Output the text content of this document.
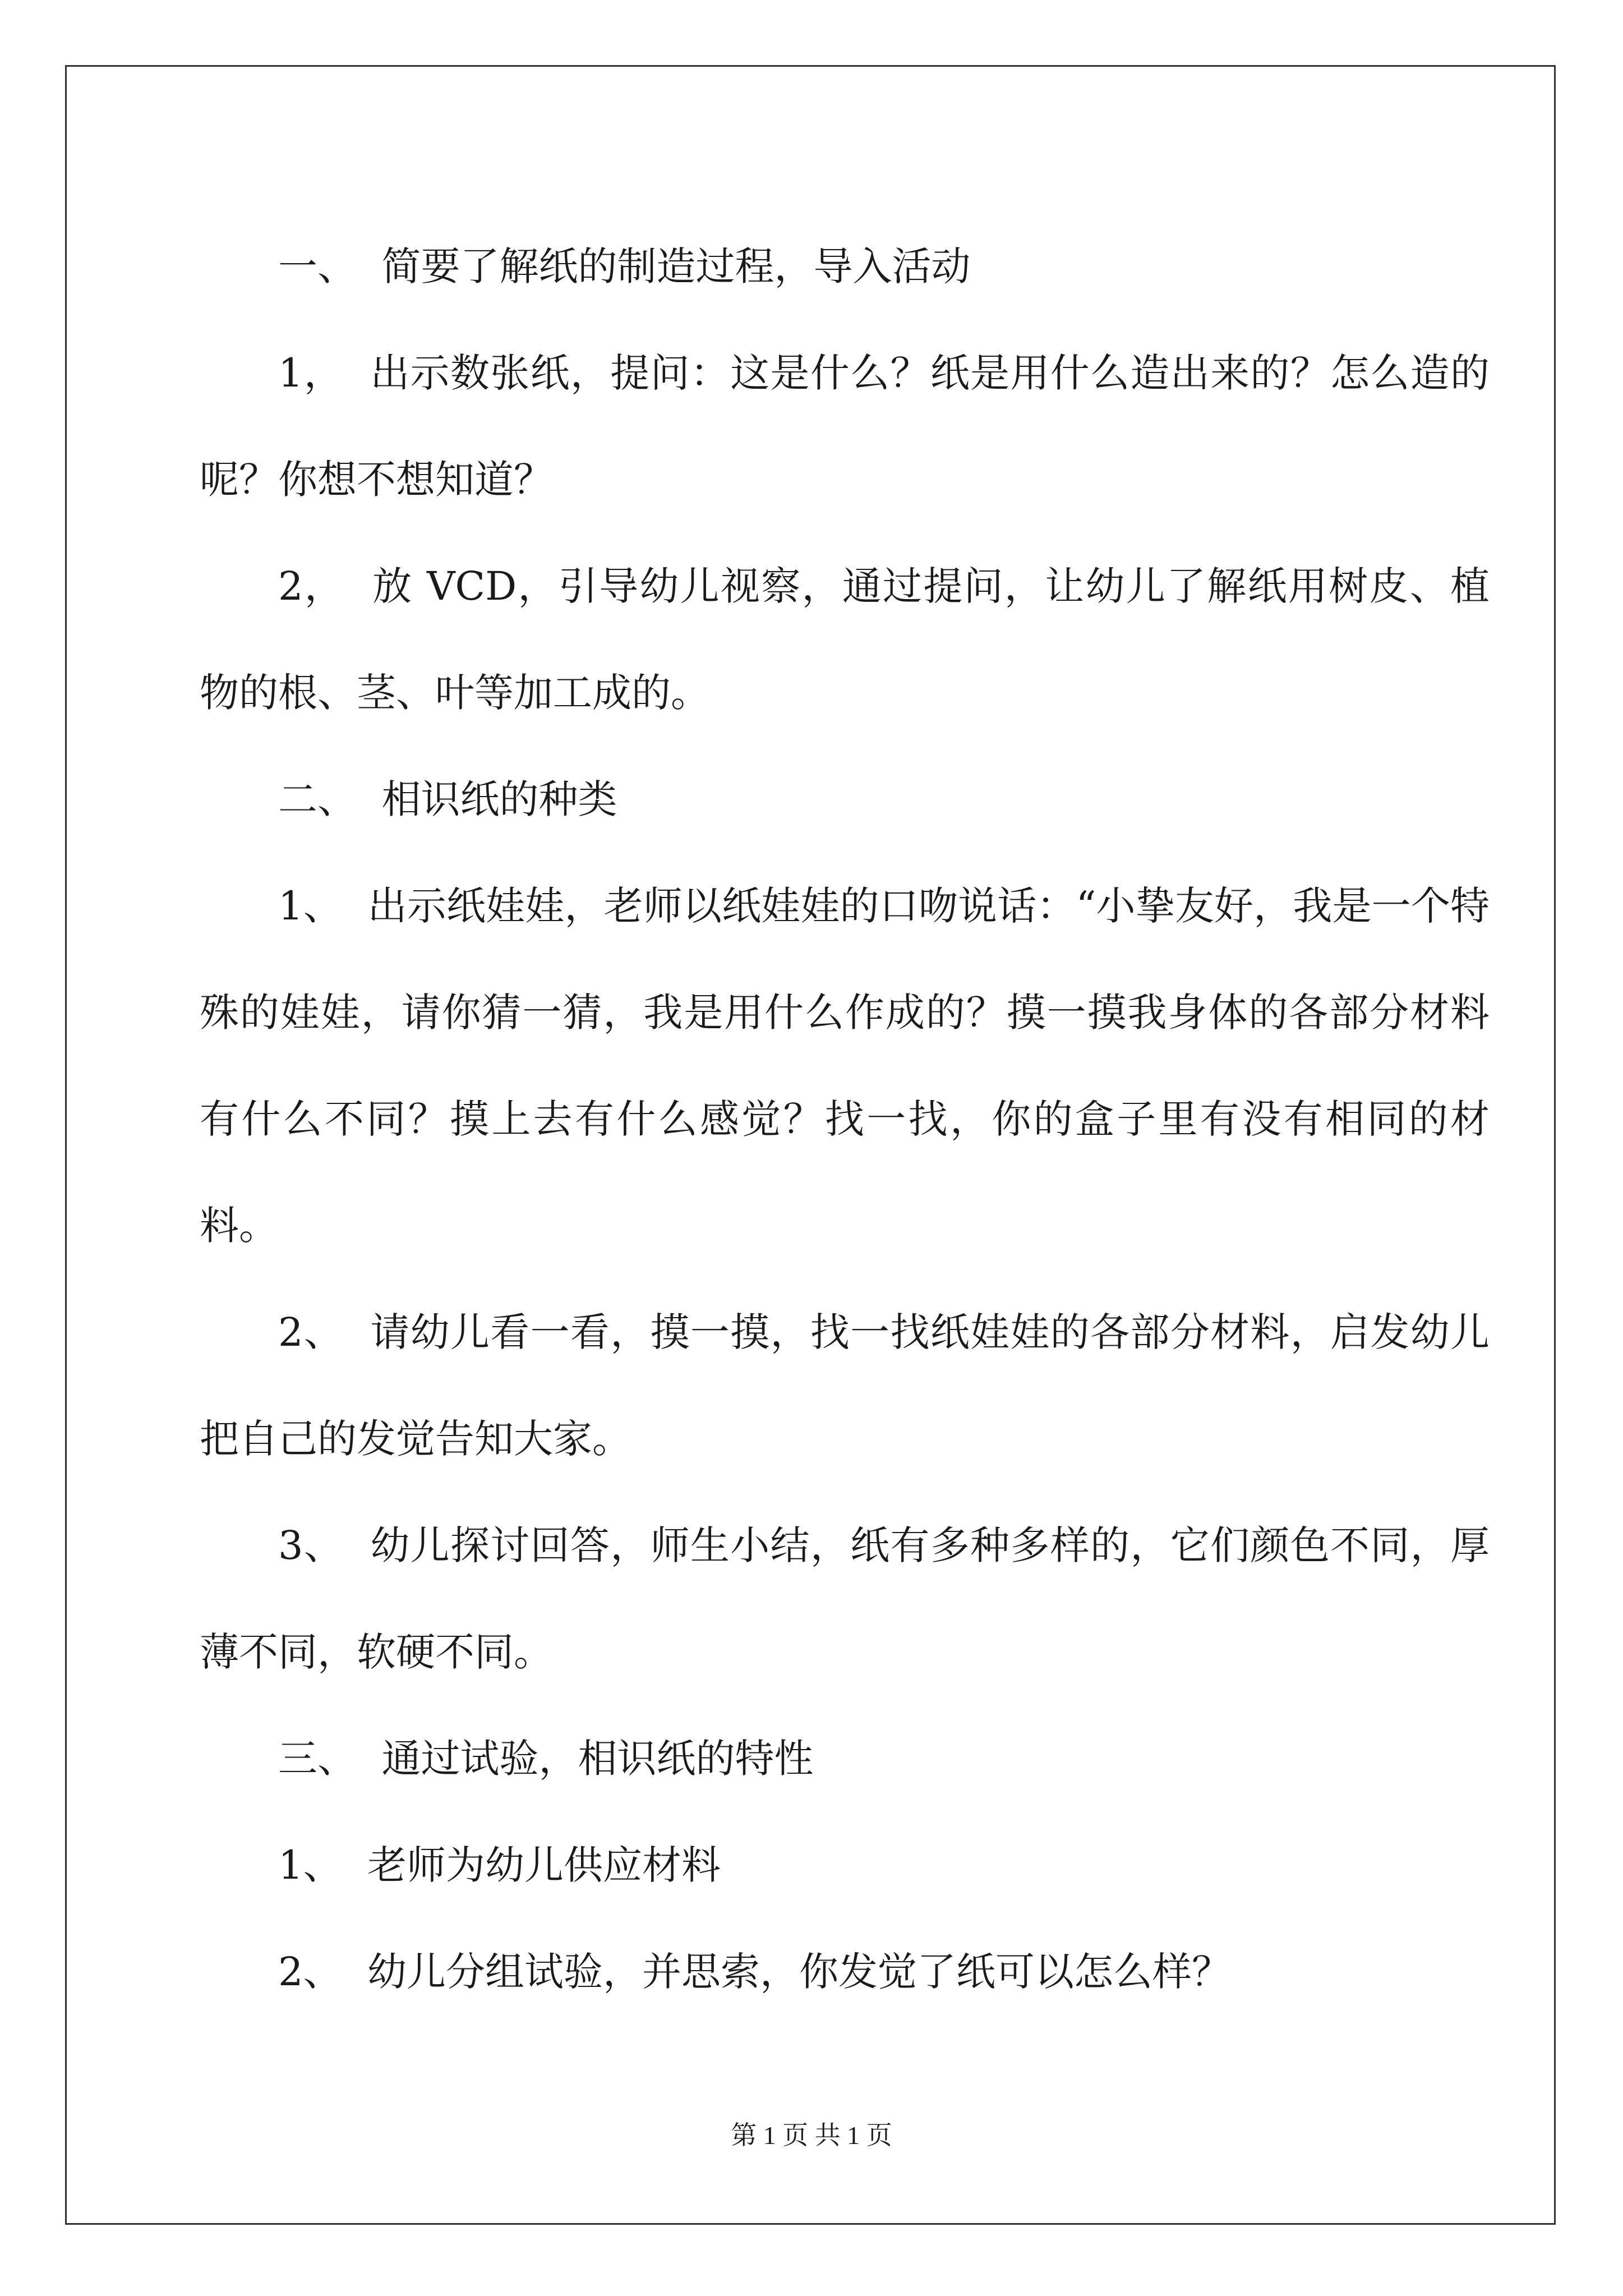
一、  简要了解纸的制造过程，导入活动

1，  出示数张纸，提问：这是什么？纸是用什么造出来的？怎么造的呢？你想不想知道？

2，  放 VCD，引导幼儿视察，通过提问，让幼儿了解纸用树皮、植物的根、茎、叶等加工成的。

二、  相识纸的种类

1、  出示纸娃娃，老师以纸娃娃的口吻说话：“小挚友好，我是一个特殊的娃娃，请你猜一猜，我是用什么作成的？摸一摸我身体的各部分材料有什么不同？摸上去有什么感觉？找一找，你的盒子里有没有相同的材料。

2、  请幼儿看一看，摸一摸，找一找纸娃娃的各部分材料，启发幼儿把自己的发觉告知大家。

3、  幼儿探讨回答，师生小结，纸有多种多样的，它们颜色不同，厚薄不同，软硬不同。

三、  通过试验，相识纸的特性

1、  老师为幼儿供应材料

2、  幼儿分组试验，并思索，你发觉了纸可以怎么样？

第 1 页 共 1 页
